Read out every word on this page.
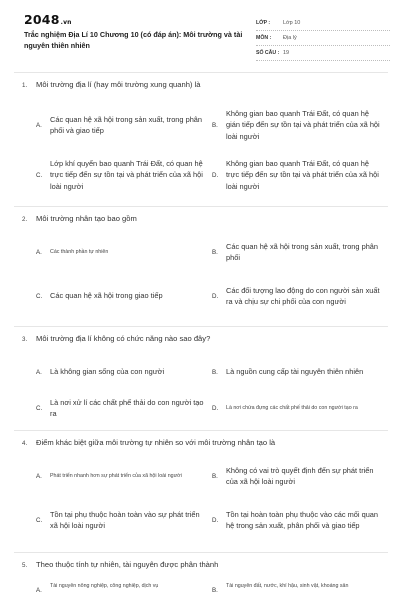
2048.vn
Trắc nghiệm Địa Lí 10 Chương 10 (có đáp án): Môi trường và tài nguyên thiên nhiên
LỚP :	Lớp 10
MÔN :	Địa lý
SỐ CÂU : 19
1. Môi trường địa lí (hay môi trường xung quanh) là
A.
Các quan hệ xã hội trong sản xuất, trong phân phối và giao tiếp
B.
Không gian bao quanh Trái Đất, có quan hệ gián tiếp đến sự tồn tại và phát triển của xã hội loài người
C.
Lớp khí quyển bao quanh Trái Đất, có quan hệ trực tiếp đến sự tồn tại và phát triển của xã hội loài người
D.
Không gian bao quanh Trái Đất, có quan hệ trực tiếp đến sự tồn tại và phát triển của xã hội loài người
2. Môi trường nhân tạo bao gồm
A.	Các thành phần tự nhiên	B.
Các quan hệ xã hội trong sản xuất, trong phân phối
C.	Các quan hệ xã hội trong giao tiếp	D.
Các đối tượng lao động do con người sản xuất ra và chịu sự chi phối của con người
3. Môi trường địa lí không có chức năng nào sao đây?
A.	Là không gian sống của con người	B.	Là nguồn cung cấp tài nguyên thiên nhiên
C.
Là nơi xử lí các chất phế thải do con người tạo ra
D.	Là nơi chứa đựng các chất phế thải do con người tạo ra
4. Điểm khác biệt giữa môi trường tự nhiên so với môi trường nhân tạo là
A.	Phát triển nhanh hơn sự phát triển của xã hội loài người	B.
Không có vai trò quyết định đến sự phát triển của xã hội loài người
C.
Tồn tại phụ thuộc hoàn toàn vào sự phát triển xã hội loài người
D.
Tồn tại hoàn toàn phụ thuộc vào các mối quan hệ trong sản xuất, phân phối và giao tiếp
5. Theo thuộc tính tự nhiên, tài nguyên được phân thành
A.
Tài nguyên nông nghiệp, công nghiệp, dịch vụ
B.
Tài nguyên đất, nước, khí hậu, sinh vật, khoáng sản
